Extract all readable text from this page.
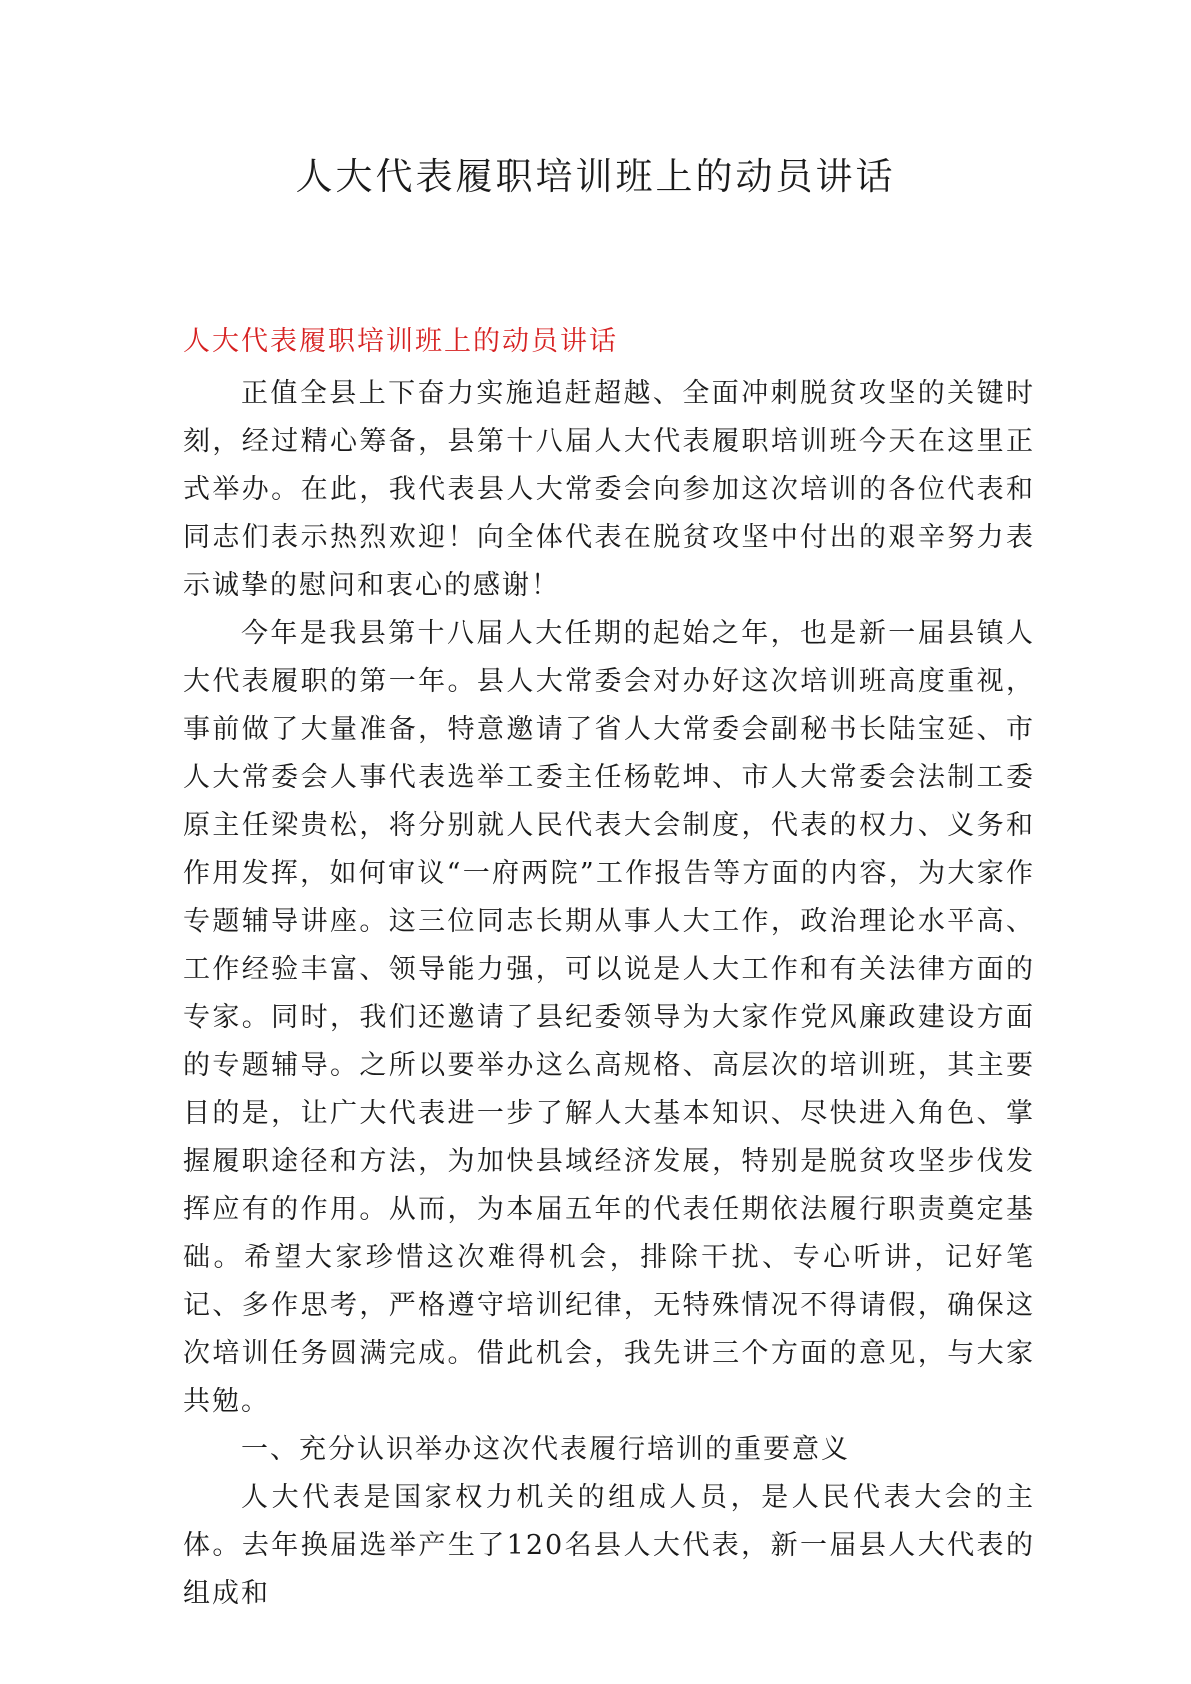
人大代表履职培训班上的动员讲话
人大代表履职培训班上的动员讲话

正值全县上下奋力实施追赶超越、全面冲刺脱贫攻坚的关键时刻，经过精心筹备，县第十八届人大代表履职培训班今天在这里正式举办。在此，我代表县人大常委会向参加这次培训的各位代表和同志们表示热烈欢迎！向全体代表在脱贫攻坚中付出的艰辛努力表示诚挚的慰问和衷心的感谢！

今年是我县第十八届人大任期的起始之年，也是新一届县镇人大代表履职的第一年。县人大常委会对办好这次培训班高度重视，事前做了大量准备，特意邀请了省人大常委会副秘书长陆宝延、市人大常委会人事代表选举工委主任杨乾坤、市人大常委会法制工委原主任梁贵松，将分别就人民代表大会制度，代表的权力、义务和作用发挥，如何审议“一府两院”工作报告等方面的内容，为大家作专题辅导讲座。这三位同志长期从事人大工作，政治理论水平高、工作经验丰富、领导能力强，可以说是人大工作和有关法律方面的专家。同时，我们还邀请了县纪委领导为大家作党风廉政建设方面的专题辅导。之所以要举办这么高规格、高层次的培训班，其主要目的是，让广大代表进一步了解人大基本知识、尽快进入角色、掌握履职途径和方法，为加快县域经济发展，特别是脱贫攻坚步伐发挥应有的作用。从而，为本届五年的代表任期依法履行职责奠定基础。希望大家珍惜这次难得机会，排除干扰、专心听讲，记好笔记、多作思考，严格遵守培训纪律，无特殊情况不得请假，确保这次培训任务圆满完成。借此机会，我先讲三个方面的意见，与大家共勉。

一、充分认识举办这次代表履行培训的重要意义

人大代表是国家权力机关的组成人员，是人民代表大会的主体。去年换届选举产生了120名县人大代表，新一届县人大代表的组成和
